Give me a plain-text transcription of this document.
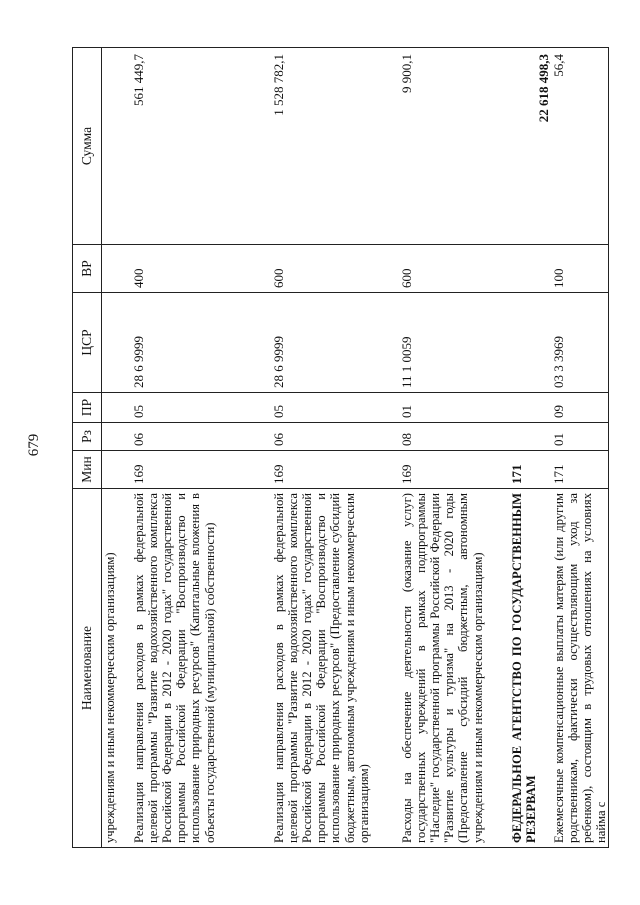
679
Наименование	Мин	Рз	ПР	ЦСР	ВР	Сумма
учреждениям и иным некоммерческим организациям)						
Реализация направления расходов в рамках федеральной целевой программы "Развитие водохозяйственного комплекса Российской Федерации в 2012 - 2020 годах" государственной программы Российской Федерации "Воспроизводство и использование природных ресурсов" (Капитальные вложения в объекты государственной (муниципальной) собственности)	169	06	05	28 6 9999	400	561 449,7
Реализация направления расходов в рамках федеральной целевой программы "Развитие водохозяйственного комплекса Российской Федерации в 2012 - 2020 годах" государственной программы Российской Федерации "Воспроизводство и использование природных ресурсов" (Предоставление субсидий бюджетным, автономным учреждениям и иным некоммерческим организациям)	169	06	05	28 6 9999	600	1 528 782,1
Расходы на обеспечение деятельности (оказание услуг) государственных учреждений в рамках подпрограммы "Наследие" государственной программы Российской Федерации "Развитие культуры и туризма" на 2013 - 2020 годы (Предоставление субсидий бюджетным, автономным учреждениям и иным некоммерческим организациям)	169	08	01	11 1 0059	600	9 900,1
ФЕДЕРАЛЬНОЕ АГЕНТСТВО ПО ГОСУДАРСТВЕННЫМ РЕЗЕРВАМ	171					22 618 498,3
Ежемесячные компенсационные выплаты матерям (или другим родственникам, фактически осуществляющим уход за ребенком), состоящим в трудовых отношениях на условиях найма с	171	01	09	03 3 3969	100	56,4
